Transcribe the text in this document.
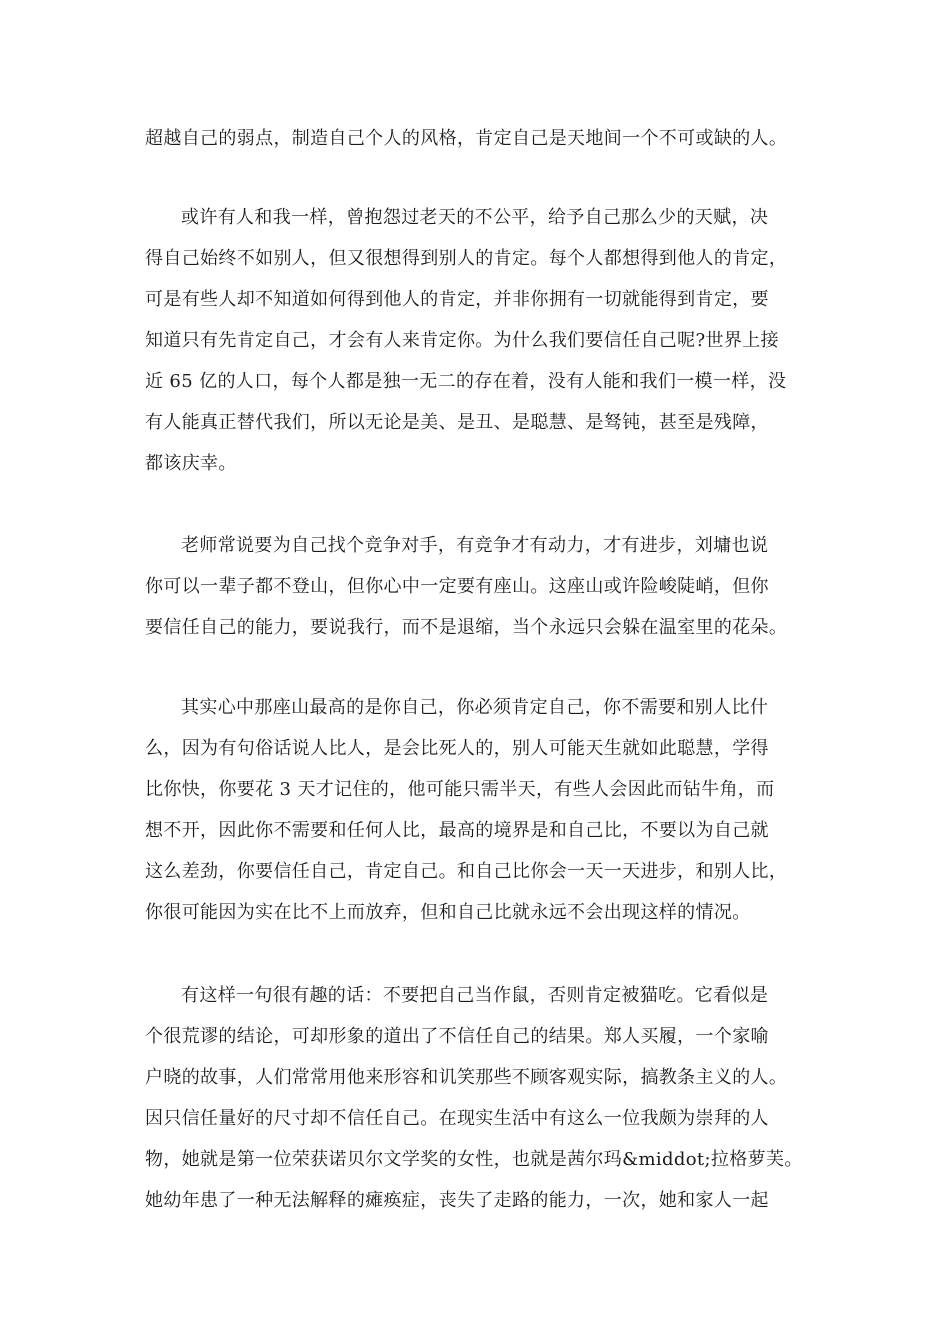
超越自己的弱点，制造自己个人的风格，肯定自己是天地间一个不可或缺的人。

或许有人和我一样，曾抱怨过老天的不公平，给予自己那么少的天赋，决
得自己始终不如别人，但又很想得到别人的肯定。每个人都想得到他人的肯定，
可是有些人却不知道如何得到他人的肯定，并非你拥有一切就能得到肯定，要
知道只有先肯定自己，才会有人来肯定你。为什么我们要信任自己呢?世界上接
近 65 亿的人口，每个人都是独一无二的存在着，没有人能和我们一模一样，没
有人能真正替代我们，所以无论是美、是丑、是聪慧、是驽钝，甚至是残障，
都该庆幸。

老师常说要为自己找个竞争对手，有竞争才有动力，才有进步，刘墉也说
你可以一辈子都不登山，但你心中一定要有座山。这座山或许险峻陡峭，但你
要信任自己的能力，要说我行，而不是退缩，当个永远只会躲在温室里的花朵。

其实心中那座山最高的是你自己，你必须肯定自己，你不需要和别人比什
么，因为有句俗话说人比人，是会比死人的，别人可能天生就如此聪慧，学得
比你快，你要花 3 天才记住的，他可能只需半天，有些人会因此而钻牛角，而
想不开，因此你不需要和任何人比，最高的境界是和自己比，不要以为自己就
这么差劲，你要信任自己，肯定自己。和自己比你会一天一天进步，和别人比，
你很可能因为实在比不上而放弃，但和自己比就永远不会出现这样的情况。

有这样一句很有趣的话：不要把自己当作鼠，否则肯定被猫吃。它看似是
个很荒谬的结论，可却形象的道出了不信任自己的结果。郑人买履，一个家喻
户晓的故事，人们常常用他来形容和讥笑那些不顾客观实际，搞教条主义的人。
因只信任量好的尺寸却不信任自己。在现实生活中有这么一位我颇为崇拜的人
物，她就是第一位荣获诺贝尔文学奖的女性，也就是茜尔玛&middot;拉格萝芙。
她幼年患了一种无法解释的瘫痪症，丧失了走路的能力，一次，她和家人一起
